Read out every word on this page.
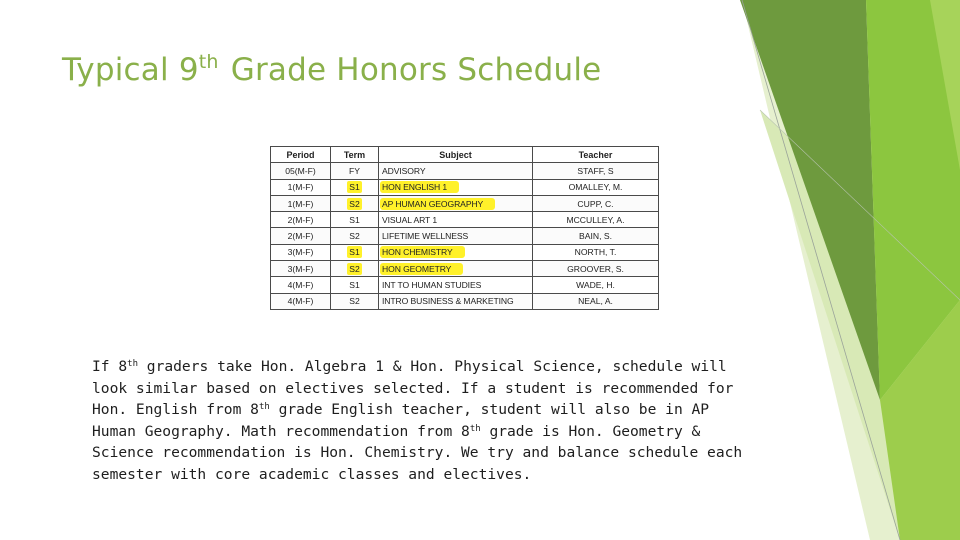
Typical 9th Grade Honors Schedule
Period	Term	Subject	Teacher
05(M-F)	FY	ADVISORY	STAFF, S
1(M-F)	S1	HON ENGLISH 1	OMALLEY, M.
1(M-F)	S2	AP HUMAN GEOGRAPHY	CUPP, C.
2(M-F)	S1	VISUAL ART 1	MCCULLEY, A.
2(M-F)	S2	LIFETIME WELLNESS	BAIN, S.
3(M-F)	S1	HON CHEMISTRY	NORTH, T.
3(M-F)	S2	HON GEOMETRY	GROOVER, S.
4(M-F)	S1	INT TO HUMAN STUDIES	WADE, H.
4(M-F)	S2	INTRO BUSINESS & MARKETING	NEAL, A.
If 8th graders take Hon. Algebra 1 & Hon. Physical Science, schedule will look similar based on electives selected. If a student is recommended for Hon. English from 8th grade English teacher, student will also be in AP Human Geography. Math recommendation from 8th grade is Hon. Geometry & Science recommendation is Hon. Chemistry. We try and balance schedule each semester with core academic classes and electives.
